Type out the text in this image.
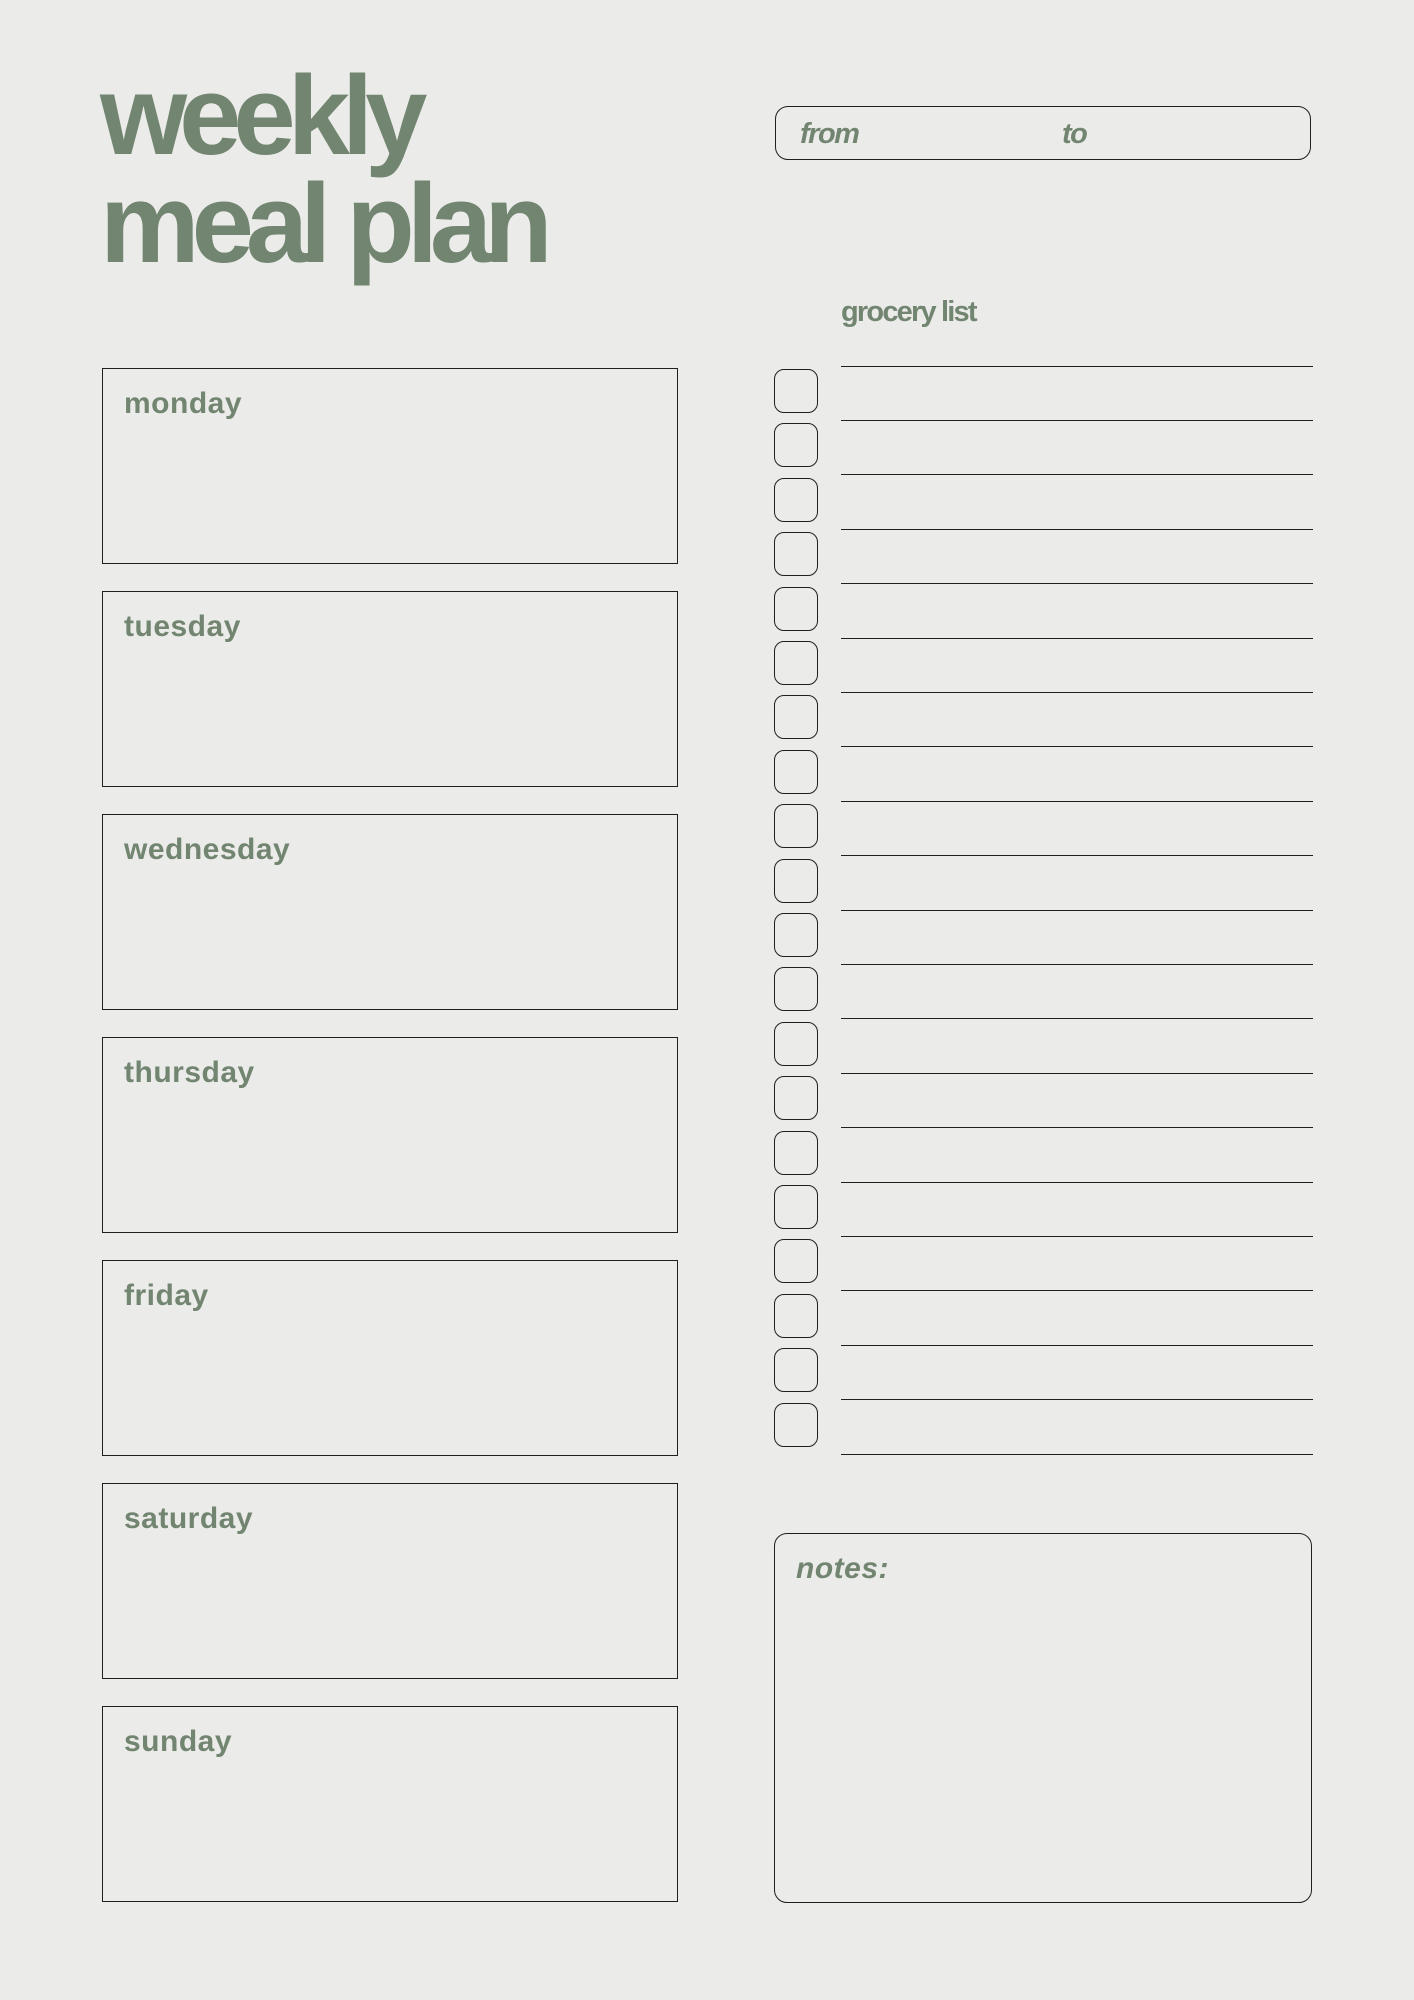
weekly
meal plan
from	to
monday
tuesday
wednesday
thursday
friday
saturday
sunday
grocery list
notes:
